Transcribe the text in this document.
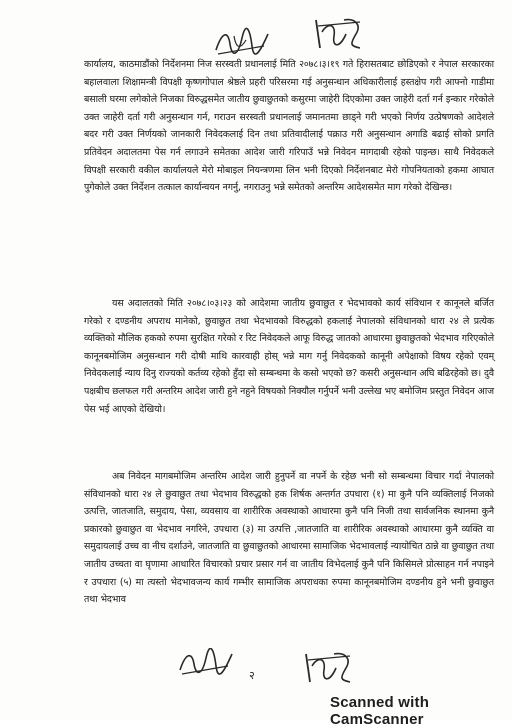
कार्यालय, काठमाडौंको निर्देशनमा निज सरस्वती प्रधानलाई मिति २०७८।३।१९ गते हिरासतबाट छोडिएको र नेपाल सरकारका बहालवाला शिक्षामन्त्री विपक्षी कृष्णगोपाल श्रेष्ठले प्रहरी परिसरमा गई अनुसन्धान अधिकारीलाई हस्तक्षेप गरी आफ्नो गाडीमा बसाली घरमा लगेकोले निजका विरुद्धसमेत जातीय छुवाछुतको कसुरमा जाहेरी दिएकोमा उक्त जाहेरी दर्ता गर्न इन्कार गरेकोले उक्त जाहेरी दर्ता गरी अनुसन्धान गर्न, गराउन सरस्वती प्रधानलाई जमानतमा छाड्ने गरी भएको निर्णय उत्प्रेषणको आदेशले बदर गरी उक्त निर्णयको जानकारी निवेदकलाई दिन तथा प्रतिवादीलाई पक्राउ गरी अनुसन्धान अगाडि बढाई सोको प्रगति प्रतिवेदन अदालतमा पेस गर्न लगाउने समेतका आदेश जारी गरिपाउँ भन्ने निवेदन मागदाबी रहेको पाइन्छ। साथै निवेदकले विपक्षी सरकारी वकील कार्यालयले मेरो मोबाइल नियन्त्रणमा लिन भनी दिएको निर्देशनबाट मेरो गोपनियताको हकमा आघात पुगेकोले उक्त निर्देशन तत्काल कार्यान्वयन नगर्नु, नगराउनु भन्ने समेतको अन्तरिम आदेशसमेत माग गरेको देखिन्छ।

यस अदालतको मिति २०७८।०३।२३ को आदेशमा जातीय छुवाछुत र भेदभावको कार्य संविधान र कानूनले बर्जित गरेको र दण्डनीय अपराध मानेको, छुवाछुत तथा भेदभावको विरुद्धको हकलाई नेपालको संविधानको धारा २४ ले प्रत्येक व्यक्तिको मौलिक हकको रुपमा सुरक्षित गरेको र रिट निवेदकले आफू विरुद्ध जातको आधारमा छुवाछुतको भेदभाव गरिएकोले कानूनबमोजिम अनुसन्धान गरी दोषी माथि कारवाही होस् भन्ने माग गर्नु निवेदकको कानूनी अपेक्षाको विषय रहेको एवम् निवेदकलाई न्याय दिनु राज्यको कर्तव्य रहेको हुँदा सो सम्बन्धमा के कसो भएको छ? कसरी अनुसन्धान अघि बढिरहेको छ। दुवै पक्षबीच छलफल गरी अन्तरिम आदेश जारी हुने नहुने विषयको निक्यौल गर्नुपर्ने भनी उल्लेख भए बमोजिम प्रस्तुत निवेदन आज पेस भई आएको देखियो।

अब निवेदन मागबमोजिम अन्तरिम आदेश जारी हुनुपर्ने वा नपर्ने के रहेछ भनी सो सम्बन्धमा विचार गर्दा नेपालको संविधानको धारा २४ ले छुवाछुत तथा भेदभाव विरुद्धको हक शिर्षक अन्तर्गत उपधारा (१) मा कुनै पनि व्यक्तिलाई निजको उत्पत्ति, जातजाति, समुदाय, पेसा, व्यवसाय वा शारीरिक अवस्थाको आधारमा कुनै पनि निजी तथा सार्वजनिक स्थानमा कुनै प्रकारको छुवाछुत वा भेदभाव नगरिने, उपधारा (३) मा उत्पत्ति ,जातजाति वा शारीरिक अवस्थाको आधारमा कुनै व्यक्ति वा समुदायलाई उच्च वा नीच दर्शाउने, जातजाति वा छुवाछुतको आधारमा सामाजिक भेदभावलाई न्यायोचित ठान्ने वा छुवाछुत तथा जातीय उच्चता वा घृणामा आधारित विचारको प्रचार प्रसार गर्न वा जातीय विभेदलाई कुनै पनि किसिमले प्रोत्साहन गर्न नपाइने र उपधारा (५) मा त्यस्तो भेदभावजन्य कार्य गम्भीर सामाजिक अपराधका रुपमा कानूनबमोजिम दण्डनीय हुने भनी छुवाछुत तथा भेदभाव

२
Scanned with CamScanner
